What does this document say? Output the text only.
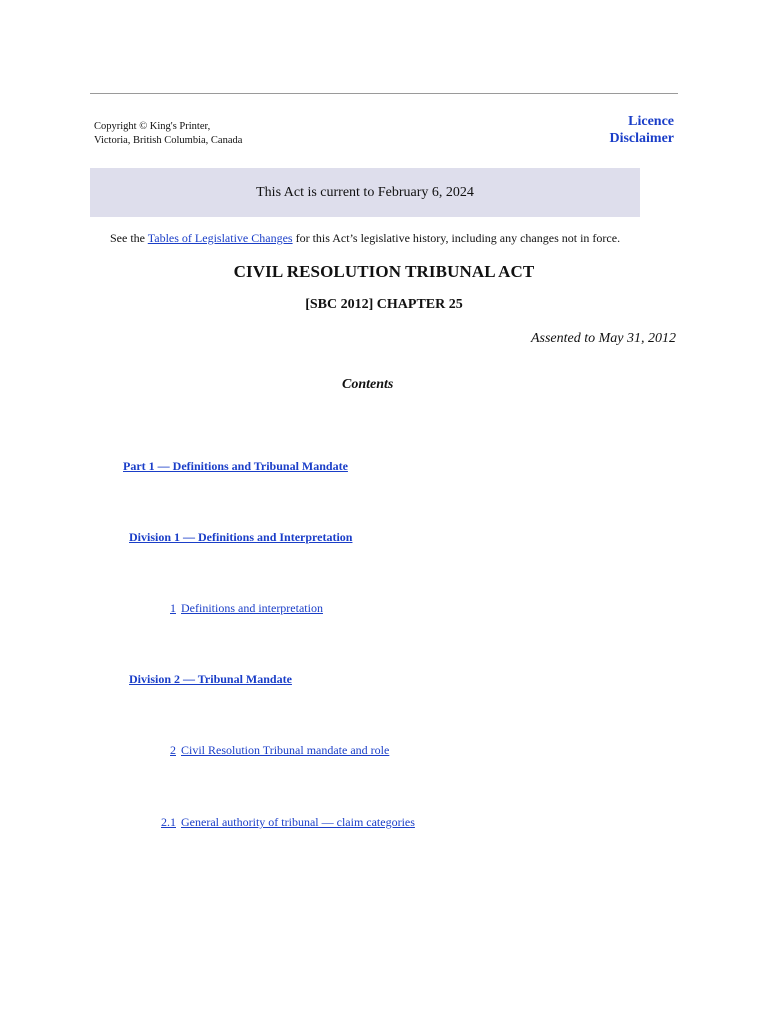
Copyright © King's Printer,
Victoria, British Columbia, Canada
Licence
Disclaimer
This Act is current to February 6, 2024
See the Tables of Legislative Changes for this Act’s legislative history, including any changes not in force.
CIVIL RESOLUTION TRIBUNAL ACT
[SBC 2012] CHAPTER 25
Assented to May 31, 2012
Contents
Part 1 — Definitions and Tribunal Mandate
Division 1 — Definitions and Interpretation
1 Definitions and interpretation
Division 2 — Tribunal Mandate
2 Civil Resolution Tribunal mandate and role
2.1 General authority of tribunal — claim categories
